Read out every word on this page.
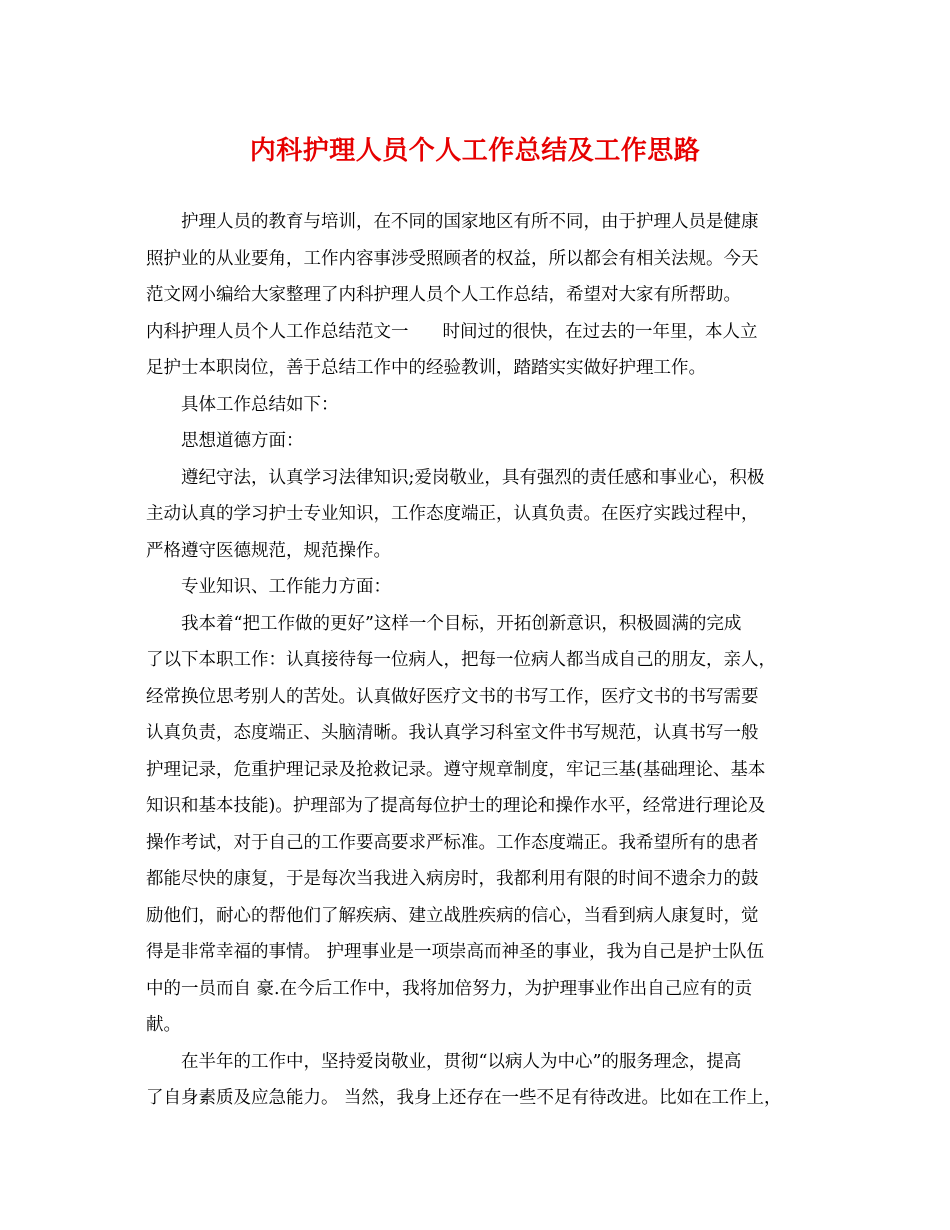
内科护理人员个人工作总结及工作思路
护理人员的教育与培训，在不同的国家地区有所不同，由于护理人员是健康
照护业的从业要角，工作内容事涉受照顾者的权益，所以都会有相关法规。今天
范文网小编给大家整理了内科护理人员个人工作总结，希望对大家有所帮助。
内科护理人员个人工作总结范文一 时间过的很快，在过去的一年里，本人立
足护士本职岗位，善于总结工作中的经验教训，踏踏实实做好护理工作。
具体工作总结如下：
思想道德方面：
遵纪守法，认真学习法律知识;爱岗敬业，具有强烈的责任感和事业心，积极
主动认真的学习护士专业知识，工作态度端正，认真负责。在医疗实践过程中，
严格遵守医德规范，规范操作。
专业知识、工作能力方面：
我本着“把工作做的更好”这样一个目标，开拓创新意识，积极圆满的完成
了以下本职工作：认真接待每一位病人，把每一位病人都当成自己的朋友，亲人，
经常换位思考别人的苦处。认真做好医疗文书的书写工作，医疗文书的书写需要
认真负责，态度端正、头脑清晰。我认真学习科室文件书写规范，认真书写一般
护理记录，危重护理记录及抢救记录。遵守规章制度，牢记三基(基础理论、基本
知识和基本技能)。护理部为了提高每位护士的理论和操作水平，经常进行理论及
操作考试，对于自己的工作要高要求严标准。工作态度端正。我希望所有的患者
都能尽快的康复，于是每次当我进入病房时，我都利用有限的时间不遗余力的鼓
励他们，耐心的帮他们了解疾病、建立战胜疾病的信心，当看到病人康复时，觉
得是非常幸福的事情。 护理事业是一项崇高而神圣的事业，我为自己是护士队伍
中的一员而自 豪.在今后工作中，我将加倍努力，为护理事业作出自己应有的贡
献。
在半年的工作中，坚持爱岗敬业，贯彻“以病人为中心”的服务理念，提高
了自身素质及应急能力。 当然，我身上还存在一些不足有待改进。比如在工作上，
